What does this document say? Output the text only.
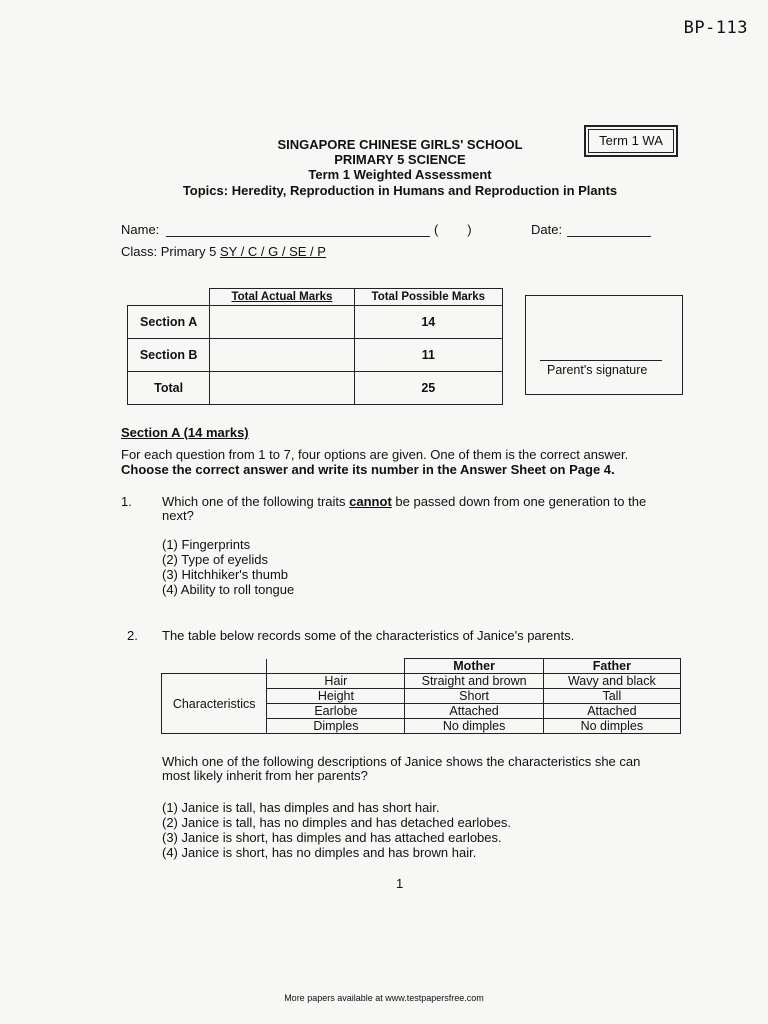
BP-113
SINGAPORE CHINESE GIRLS' SCHOOL
PRIMARY 5 SCIENCE
Term 1 Weighted Assessment
Topics: Heredity, Reproduction in Humans and Reproduction in Plants
Term 1 WA
Name:	(        )	Date:
Class: Primary 5 SY / C / G / SE / P
	Total Actual Marks	Total Possible Marks
Section A		14
Section B		11
Total		25
Parent's signature
Section A (14 marks)
For each question from 1 to 7, four options are given. One of them is the correct answer.
Choose the correct answer and write its number in the Answer Sheet on Page 4.
1. Which one of the following traits cannot be passed down from one generation to the
next?
(1) Fingerprints
(2) Type of eyelids
(3) Hitchhiker's thumb
(4) Ability to roll tongue
2. The table below records some of the characteristics of Janice's parents.
		Mother	Father
Characteristics	Hair	Straight and brown	Wavy and black
	Height	Short	Tall
	Earlobe	Attached	Attached
	Dimples	No dimples	No dimples
Which one of the following descriptions of Janice shows the characteristics she can
most likely inherit from her parents?
(1) Janice is tall, has dimples and has short hair.
(2) Janice is tall, has no dimples and has detached earlobes.
(3) Janice is short, has dimples and has attached earlobes.
(4) Janice is short, has no dimples and has brown hair.
1
More papers available at www.testpapersfree.com
